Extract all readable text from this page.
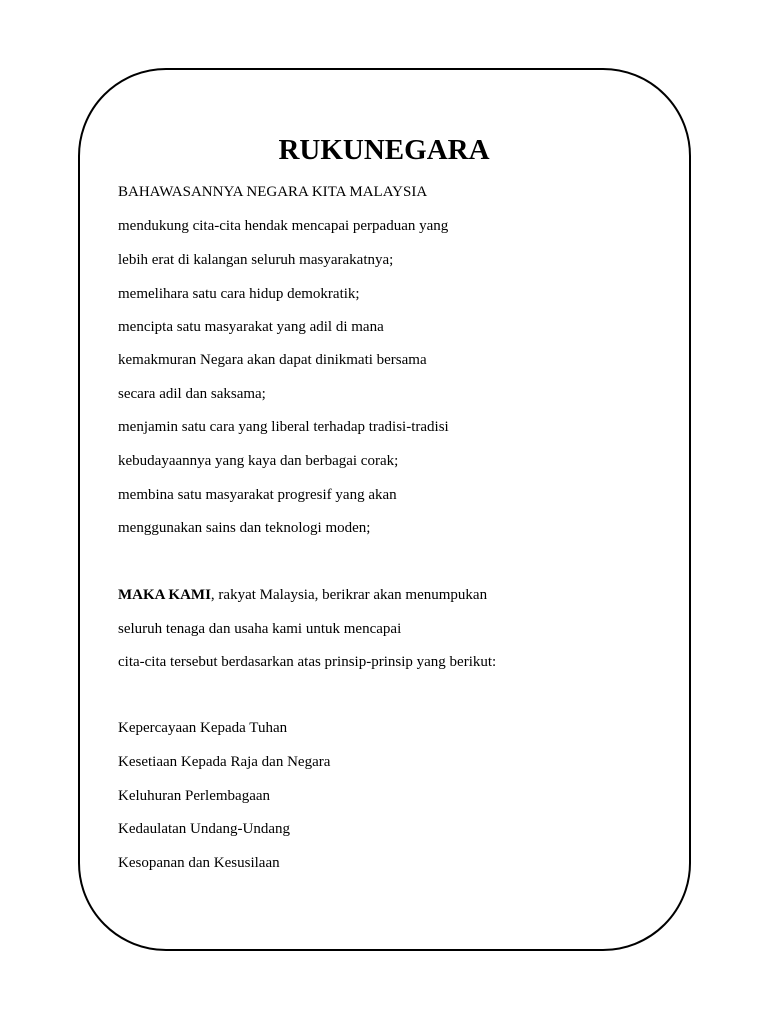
RUKUNEGARA

BAHAWASANNYA NEGARA KITA MALAYSIA

mendukung cita-cita hendak mencapai perpaduan yang

lebih erat di kalangan seluruh masyarakatnya;

memelihara satu cara hidup demokratik;

mencipta satu masyarakat yang adil di mana

kemakmuran Negara akan dapat dinikmati bersama

secara adil dan saksama;

menjamin satu cara yang liberal terhadap tradisi-tradisi

kebudayaannya yang kaya dan berbagai corak;

membina satu masyarakat progresif yang akan

menggunakan sains dan teknologi moden;

MAKA KAMI, rakyat Malaysia, berikrar akan menumpukan

seluruh tenaga dan usaha kami untuk mencapai

cita-cita tersebut berdasarkan atas prinsip-prinsip yang berikut:

Kepercayaan Kepada Tuhan

Kesetiaan Kepada Raja dan Negara

Keluhuran Perlembagaan

Kedaulatan Undang-Undang

Kesopanan dan Kesusilaan
